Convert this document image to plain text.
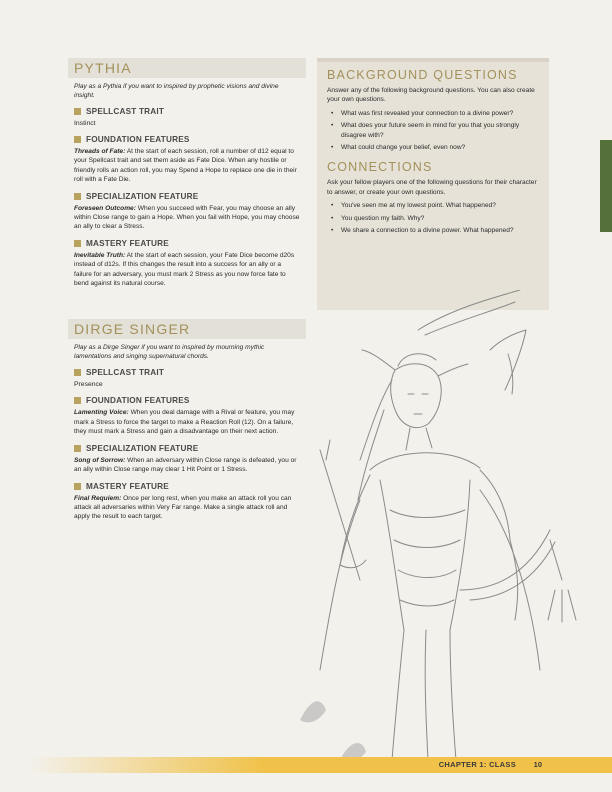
PYTHIA
Play as a Pythia if you want to inspired by prophetic visions and divine insight.
SPELLCAST TRAIT
Instinct
FOUNDATION FEATURES
Threads of Fate: At the start of each session, roll a number of d12 equal to your Spellcast trait and set them aside as Fate Dice. When any hostile or friendly rolls an action roll, you may Spend a Hope to replace one die in their roll with a Fate Die.
SPECIALIZATION FEATURE
Foreseen Outcome: When you succeed with Fear, you may choose an ally within Close range to gain a Hope. When you fail with Hope, you may choose an ally to clear a Stress.
MASTERY FEATURE
Inevitable Truth: At the start of each session, your Fate Dice become d20s instead of d12s. If this changes the result into a success for an ally or a failure for an adversary, you must mark 2 Stress as you now force fate to bend against its natural course.
DIRGE SINGER
Play as a Dirge Singer if you want to inspired by mourning mythic lamentations and singing supernatural chords.
SPELLCAST TRAIT
Presence
FOUNDATION FEATURES
Lamenting Voice: When you deal damage with a Rival or feature, you may mark a Stress to force the target to make a Reaction Roll (12). On a failure, they must mark a Stress and gain a disadvantage on their next action.
SPECIALIZATION FEATURE
Song of Sorrow: When an adversary within Close range is defeated, you or an ally within Close range may clear 1 Hit Point or 1 Stress.
MASTERY FEATURE
Final Requiem: Once per long rest, when you make an attack roll you can attack all adversaries within Very Far range. Make a single attack roll and apply the result to each target.
BACKGROUND QUESTIONS
Answer any of the following background questions. You can also create your own questions.
• What was first revealed your connection to a divine power?
• What does your future seem in mind for you that you strongly disagree with?
• What could change your belief, even now?
CONNECTIONS
Ask your fellow players one of the following questions for their character to answer, or create your own questions.
• You've seen me at my lowest point. What happened?
• You question my faith. Why?
• We share a connection to a divine power. What happened?
CHAPTER 1: CLASS 10
